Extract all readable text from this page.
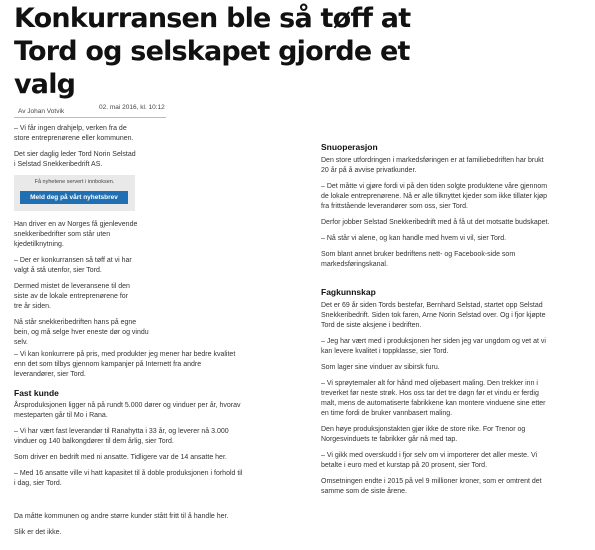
Konkurransen ble så tøff at
Tord og selskapet gjorde et
valg
Av Johan Votvik
02. mai 2016, kl. 10:12

– Vi får ingen drahjelp, verken fra de
store entreprenørene eller kommunen.

Det sier daglig leder Tord Norin Selstad
i Selstad Snekkeribedrift AS.

Få nyhetene servert i innboksen.
Meld deg på vårt nyhetsbrev

Han driver en av Norges få gjenlevende
snekkeribedrifter som står uten
kjedetilknytning.

– Der er konkurransen så tøff at vi har
valgt å stå utenfor, sier Tord.

Dermed mistet de leveransene til den
siste av de lokale entreprenørene for
tre år siden.

Nå står snekkeribedriften hans på egne
bein, og må selge hver eneste dør og vindu selv.

– Vi kan konkurrere på pris, med produkter jeg mener har bedre kvalitet
enn det som tilbys gjennom kampanjer på Internett fra andre
leverandører, sier Tord.

Fast kunde

Årsproduksjonen ligger nå på rundt 5.000 dører og vinduer per år, hvorav
mesteparten går til Mo i Rana.

– Vi har vært fast leverandør til Ranahytta i 33 år, og leverer nå 3.000
vinduer og 140 balkongdører til dem årlig, sier Tord.

Som driver en bedrift med ni ansatte. Tidligere var de 14 ansatte her.

– Med 16 ansatte ville vi hatt kapasitet til å doble produksjonen i forhold til
i dag, sier Tord.

Da måtte kommunen og andre større kunder stått fritt til å handle her.

Slik er det ikke.

Snuoperasjon

Den store utfordringen i markedsføringen er at familiebedriften har brukt
20 år på å avvise privatkunder.

– Det måtte vi gjøre fordi vi på den tiden solgte produktene våre gjennom
de lokale entreprenørene. Nå er alle tilknyttet kjeder som ikke tillater kjøp
fra frittstående leverandører som oss, sier Tord.

Derfor jobber Selstad Snekkeribedrift med å få ut det motsatte budskapet.

– Nå står vi alene, og kan handle med hvem vi vil, sier Tord.

Som blant annet bruker bedriftens nett- og Facebook-side som
markedsføringskanal.

Fagkunnskap

Det er 69 år siden Tords bestefar, Bernhard Selstad, startet opp Selstad
Snekkeribedrift. Siden tok faren, Arne Norin Selstad over. Og i fjor kjøpte
Tord de siste aksjene i bedriften.

– Jeg har vært med i produksjonen her siden jeg var ungdom og vet at vi
kan levere kvalitet i toppklasse, sier Tord.

Som lager sine vinduer av sibirsk furu.

– Vi sprøytemaler alt for hånd med oljebasert maling. Den trekker inn i
treverket før neste strøk. Hos oss tar det tre døgn før et vindu er ferdig
malt, mens de automatiserte fabrikkene kan montere vinduene sine etter
en time fordi de bruker vannbasert maling.

Den høye produksjonstakten gjør ikke de store rike. For Trenor og
Norgesvinduets te fabrikker går nå med tap.

– Vi gikk med overskudd i fjor selv om vi importerer det aller meste. Vi
betalte i euro med et kurstap på 20 prosent, sier Tord.

Omsetningen endte i 2015 på vel 9 millioner kroner, som er omtrent det
samme som de siste årene.
